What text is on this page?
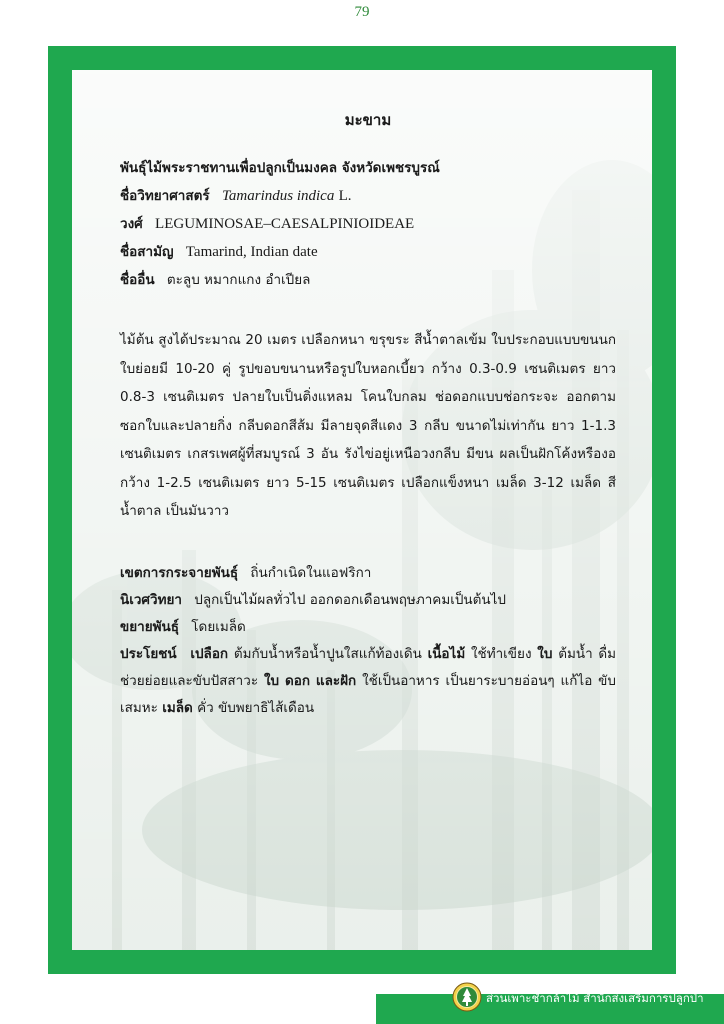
79
มะขาม
พันธุ์ไม้พระราชทานเพื่อปลูกเป็นมงคล จังหวัดเพชรบูรณ์
ชื่อวิทยาศาสตร์ Tamarindus indica L.
วงศ์ LEGUMINOSAE–CAESALPINIOIDEAE
ชื่อสามัญ Tamarind, Indian date
ชื่ออื่น ตะลูบ หมากแกง อำเปียล
ไม้ต้น สูงได้ประมาณ 20 เมตร เปลือกหนา ขรุขระ สีน้ำตาลเข้ม ใบประกอบแบบขนนก ใบย่อยมี 10-20 คู่ รูปขอบขนานหรือรูปใบหอกเบี้ยว กว้าง 0.3-0.9 เซนติเมตร ยาว 0.8-3 เซนติเมตร ปลายใบเป็นติ่งแหลม โคนใบกลม ช่อดอกแบบช่อกระจะ ออกตามซอกใบและปลายกิ่ง กลีบดอกสีส้ม มีลายจุดสีแดง 3 กลีบ ขนาดไม่เท่ากัน ยาว 1-1.3 เซนติเมตร เกสรเพศผู้ที่สมบูรณ์ 3 อัน รังไข่อยู่เหนือวงกลีบ มีขน ผลเป็นฝักโค้งหรืองอ กว้าง 1-2.5 เซนติเมตร ยาว 5-15 เซนติเมตร เปลือกแข็งหนา เมล็ด 3-12 เมล็ด สีน้ำตาล เป็นมันวาว
เขตการกระจายพันธุ์ ถิ่นกำเนิดในแอฟริกา
นิเวศวิทยา ปลูกเป็นไม้ผลทั่วไป ออกดอกเดือนพฤษภาคมเป็นต้นไป
ขยายพันธุ์ โดยเมล็ด
ประโยชน์ เปลือก ต้มกับน้ำหรือน้ำปูนใสแก้ท้องเดิน เนื้อไม้ ใช้ทำเขียง ใบ ต้มน้ำ ดื่มช่วยย่อยและขับปัสสาวะ ใบ ดอก และฝัก ใช้เป็นอาหาร เป็นยาระบายอ่อนๆ แก้ไอ ขับเสมหะ เมล็ด คั่ว ขับพยาธิไส้เดือน
ส่วนเพาะชำกล้าไม้ สำนักส่งเสริมการปลูกป่า
